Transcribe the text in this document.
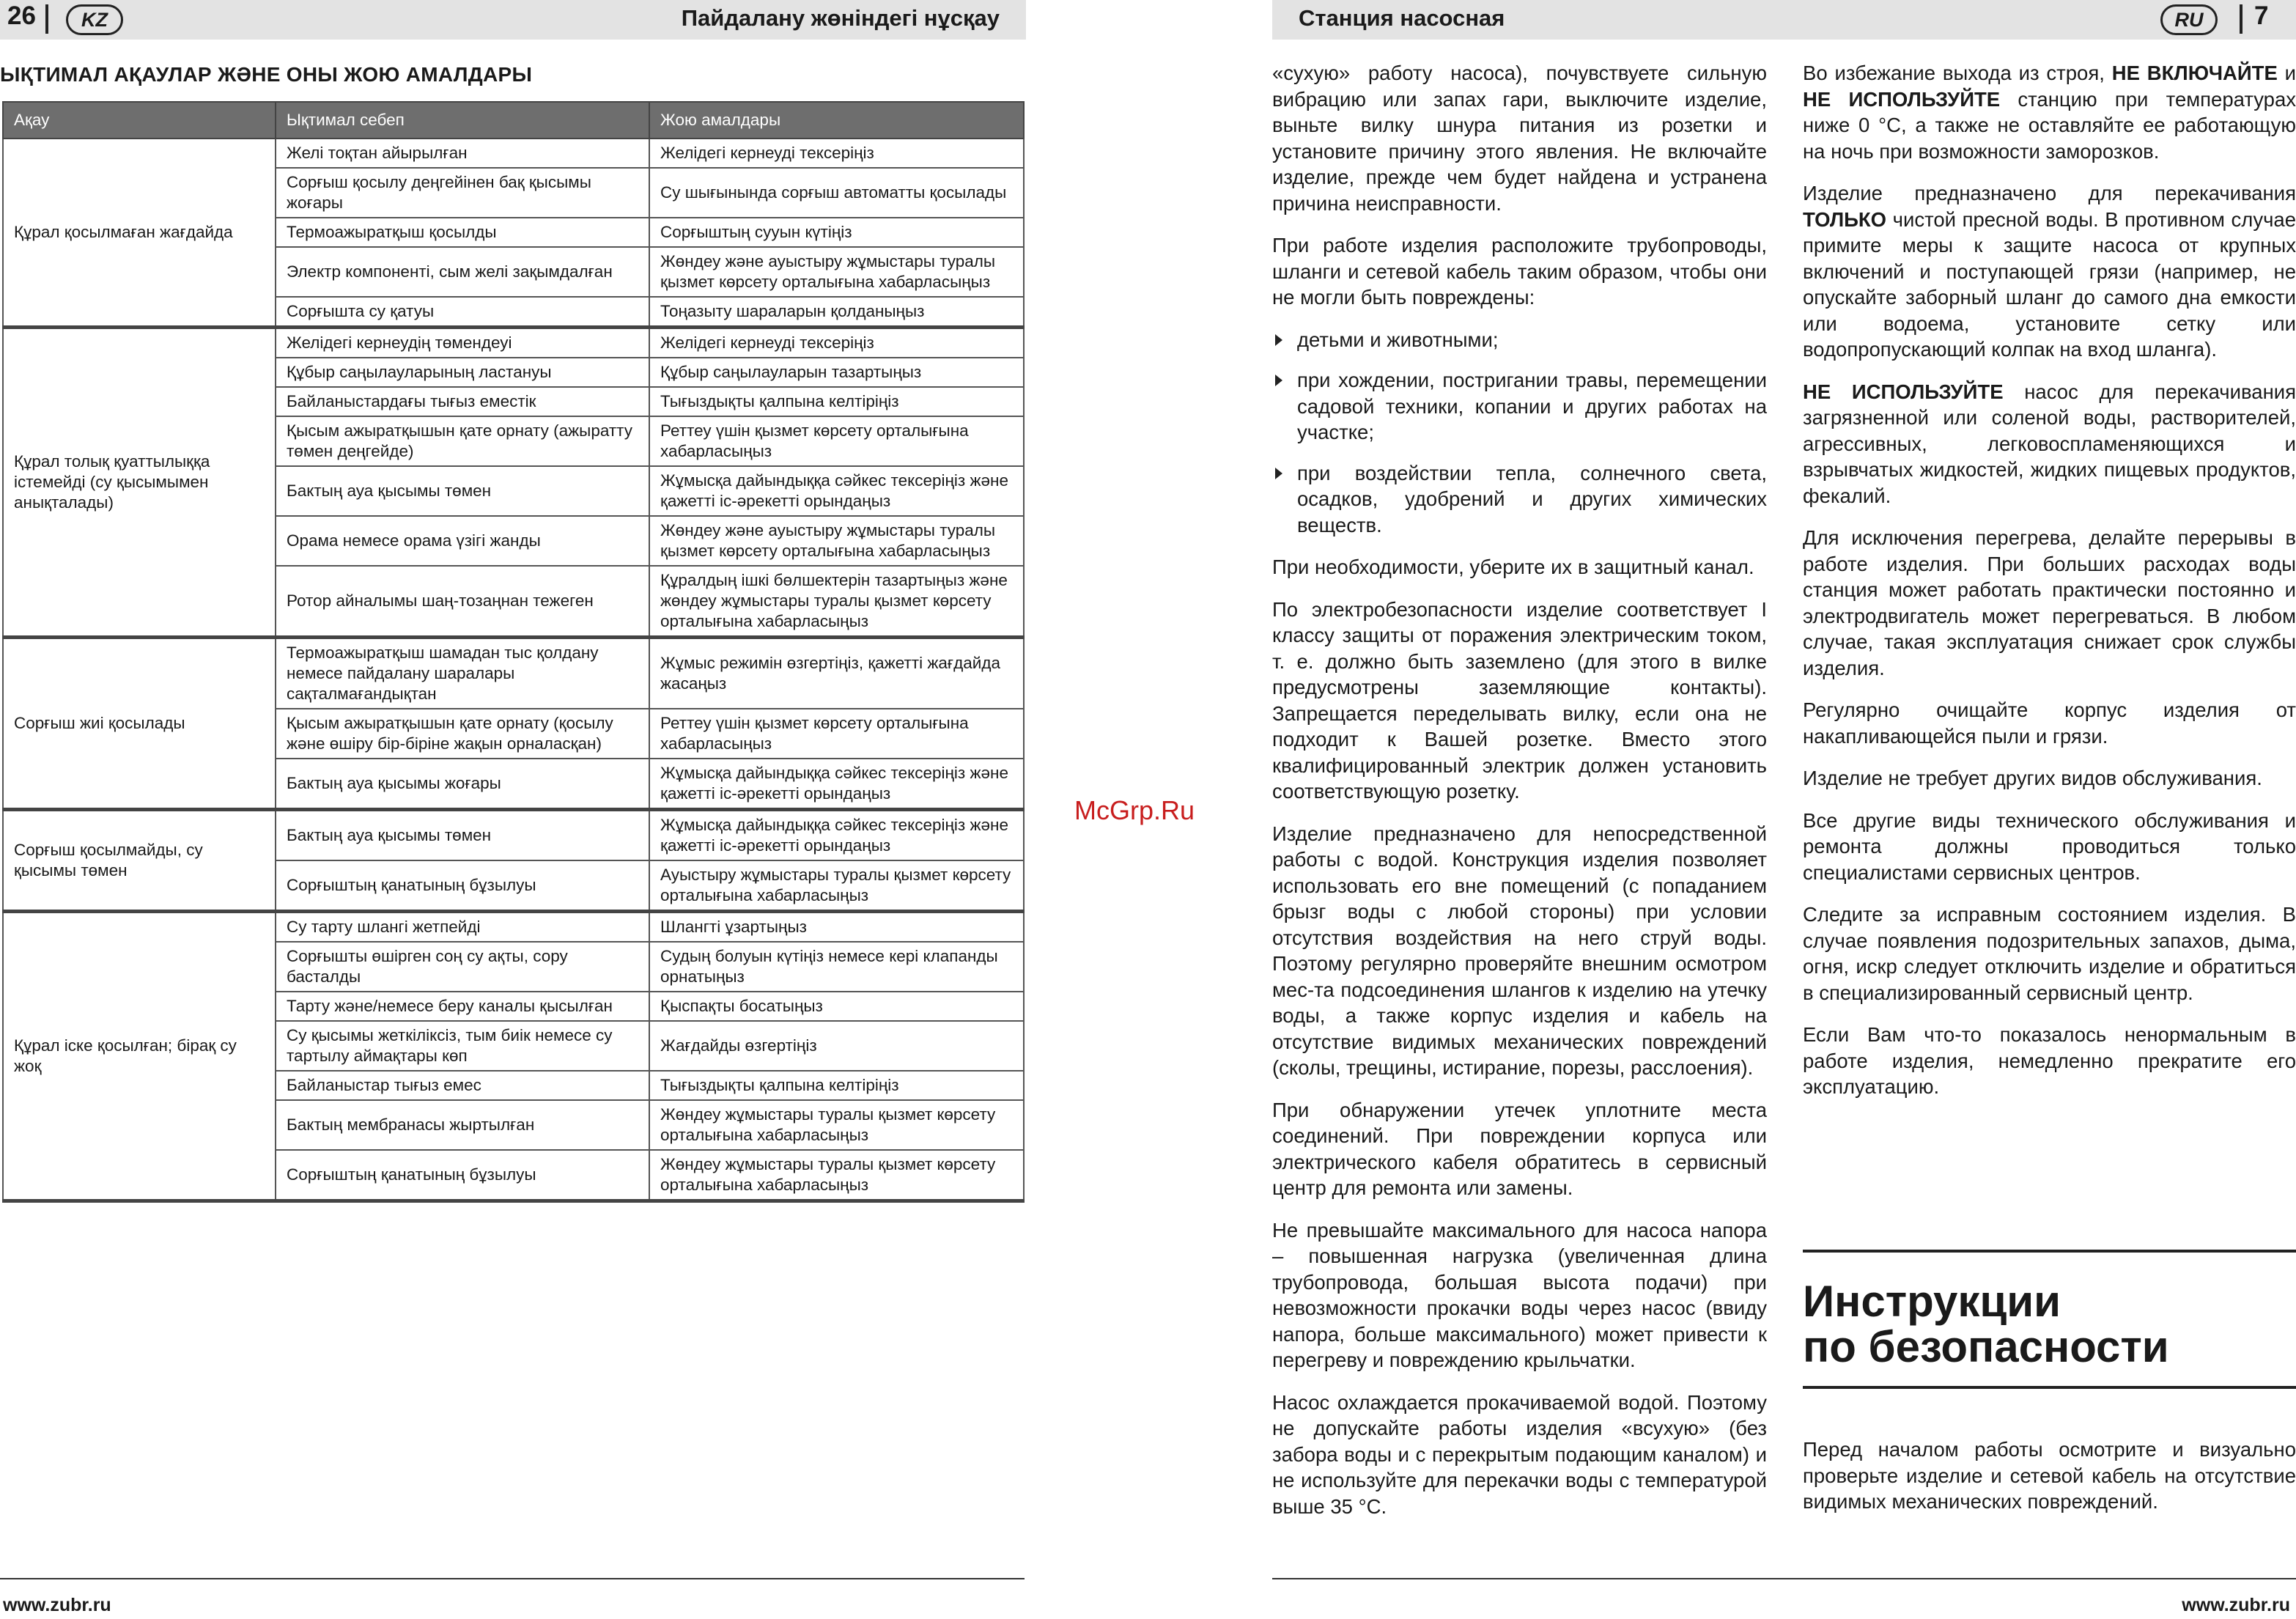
26	KZ	Пайдалану жөніндегі нұсқау
ЫҚТИМАЛ АҚАУЛАР ЖӘНЕ ОНЫ ЖОЮ АМАЛДАРЫ
Ақау	Ықтимал себеп	Жою амалдары
Құрал қосылмаған жағдайда	Желі тоқтан айырылған	Желідегі кернеуді тексеріңіз
	Сорғыш қосылу деңгейінен бақ қысымы жоғары	Су шығынында сорғыш автоматты қосылады
	Термоажыратқыш қосылды	Сорғыштың сууын күтіңіз
	Электр компоненті, сым желі зақымдалған	Жөндеу және ауыстыру жұмыстары туралы қызмет көрсету орталығына хабарласыңыз
	Сорғышта су қатуы	Тоңазыту шараларын қолданыңыз
Құрал толық қуаттылыққа істемейді (су қысымымен анықталады)	Желідегі кернеудің төмендеуі	Желідегі кернеуді тексеріңіз
	Құбыр саңылауларының ластануы	Құбыр саңылауларын тазартыңыз
	Байланыстардағы тығыз еместік	Тығыздықты қалпына келтіріңіз
	Қысым ажыратқышын қате орнату (ажыратту төмен деңгейде)	Реттеу үшін қызмет көрсету орталығына хабарласыңыз
	Бактың ауа қысымы төмен	Жұмысқа дайындыққа сәйкес тексеріңіз және қажетті іс-әрекетті орындаңыз
	Орама немесе орама үзігі жанды	Жөндеу және ауыстыру жұмыстары туралы қызмет көрсету орталығына хабарласыңыз
	Ротор айналымы шаң-тозаңнан тежеген	Құралдың ішкі бөлшектерін тазартыңыз және жөндеу жұмыстары туралы қызмет көрсету орталығына хабарласыңыз
Сорғыш жиі қосылады	Термоажыратқыш шамадан тыс қолдану немесе пайдалану шаралары сақталмағандықтан	Жұмыс режимін өзгертіңіз, қажетті жағдайда жасаңыз
	Қысым ажыратқышын қате орнату (қосылу және өшіру бір-біріне жақын орналасқан)	Реттеу үшін қызмет көрсету орталығына хабарласыңыз
	Бактың ауа қысымы жоғары	Жұмысқа дайындыққа сәйкес тексеріңіз және қажетті іс-әрекетті орындаңыз
Сорғыш қосылмайды, су қысымы төмен	Бактың ауа қысымы төмен	Жұмысқа дайындыққа сәйкес тексеріңіз және қажетті іс-әрекетті орындаңыз
	Сорғыштың қанатының бұзылуы	Ауыстыру жұмыстары туралы қызмет көрсету орталығына хабарласыңыз
Құрал іске қосылған; бірақ су жоқ	Су тарту шлангі жетпейді	Шлангті ұзартыңыз
	Сорғышты өшірген соң су ақты, сору басталды	Судың болуын күтіңіз немесе кері клапанды орнатыңыз
	Тарту және/немесе беру каналы қысылған	Қыспақты босатыңыз
	Су қысымы жеткіліксіз, тым биік немесе су тартылу аймақтары көп	Жағдайды өзгертіңіз
	Байланыстар тығыз емес	Тығыздықты қалпына келтіріңіз
	Бактың мембранасы жыртылған	Жөндеу жұмыстары туралы қызмет көрсету орталығына хабарласыңыз
	Сорғыштың қанатының бұзылуы	Жөндеу жұмыстары туралы қызмет көрсету орталығына хабарласыңыз
www.zubr.ru
Станция насосная	RU	7
www.zubr.ru

«сухую» работу насоса), почувствуете сильную вибрацию или запах гари, выключите изделие, выньте вилку шнура питания из розетки и установите причину этого явления. Не включайте изделие, прежде чем будет найдена и устранена причина неисправности.

При работе изделия расположите трубопроводы, шланги и сетевой кабель таким образом, чтобы они не могли быть повреждены:

детьми и животными;
при хождении, постригании травы, перемещении садовой техники, копании и других работах на участке;
при воздействии тепла, солнечного света, осадков, удобрений и других химических веществ.

При необходимости, уберите их в защитный канал.

По электробезопасности изделие соответствует I классу защиты от поражения электрическим током, т. е. должно быть заземлено (для этого в вилке предусмотрены заземляющие контакты). Запрещается переделывать вилку, если она не подходит к Вашей розетке. Вместо этого квалифицированный электрик должен установить соответствующую розетку.

Изделие предназначено для непосредственной работы с водой. Конструкция изделия позволяет использовать его вне помещений (с попаданием брызг воды с любой стороны) при условии отсутствия воздействия на него струй воды. Поэтому регулярно проверяйте внешним осмотром мес-та подсоединения шлангов к изделию на утечку воды, а также корпус изделия и кабель на отсутствие видимых механических повреждений (сколы, трещины, истирание, порезы, расслоения).

При обнаружении утечек уплотните места соединений. При повреждении корпуса или электрического кабеля обратитесь в сервисный центр для ремонта или замены.

Не превышайте максимального для насоса напора – повышенная нагрузка (увеличенная длина трубопровода, большая высота подачи) при невозможности прокачки воды через насос (ввиду напора, больше максимального) может привести к перегреву и повреждению крыльчатки.

Насос охлаждается прокачиваемой водой. Поэтому не допускайте работы изделия «всухую» (без забора воды и с перекрытым подающим каналом) и не используйте для перекачки воды с температурой выше 35 °С.

Во избежание выхода из строя, НЕ ВКЛЮЧАЙТЕ и НЕ ИСПОЛЬЗУЙТЕ станцию при температурах ниже 0 °С, а также не оставляйте ее работающую на ночь при возможности заморозков.

Изделие предназначено для перекачивания ТОЛЬКО чистой пресной воды. В противном случае примите меры к защите насоса от крупных включений и поступающей грязи (например, не опускайте заборный шланг до самого дна емкости или водоема, установите сетку или водопропускающий колпак на вход шланга).

НЕ ИСПОЛЬЗУЙТЕ насос для перекачивания загрязненной или соленой воды, растворителей, агрессивных, легковоспламеняющихся и взрывчатых жидкостей, жидких пищевых продуктов, фекалий.

Для исключения перегрева, делайте перерывы в работе изделия. При больших расходах воды станция может работать практически постоянно и электродвигатель может перегреваться. В любом случае, такая эксплуатация снижает срок службы изделия.

Регулярно очищайте корпус изделия от накапливающейся пыли и грязи.

Изделие не требует других видов обслуживания.

Все другие виды технического обслуживания и ремонта должны проводиться только специалистами сервисных центров.

Следите за исправным состоянием изделия. В случае появления подозрительных запахов, дыма, огня, искр следует отключить изделие и обратиться в специализированный сервисный центр.

Если Вам что-то показалось ненормальным в работе изделия, немедленно прекратите его эксплуатацию.

Инструкции
по безопасности

Перед началом работы осмотрите и визуально проверьте изделие и сетевой кабель на отсутствие видимых механических повреждений.

McGrp.Ru
